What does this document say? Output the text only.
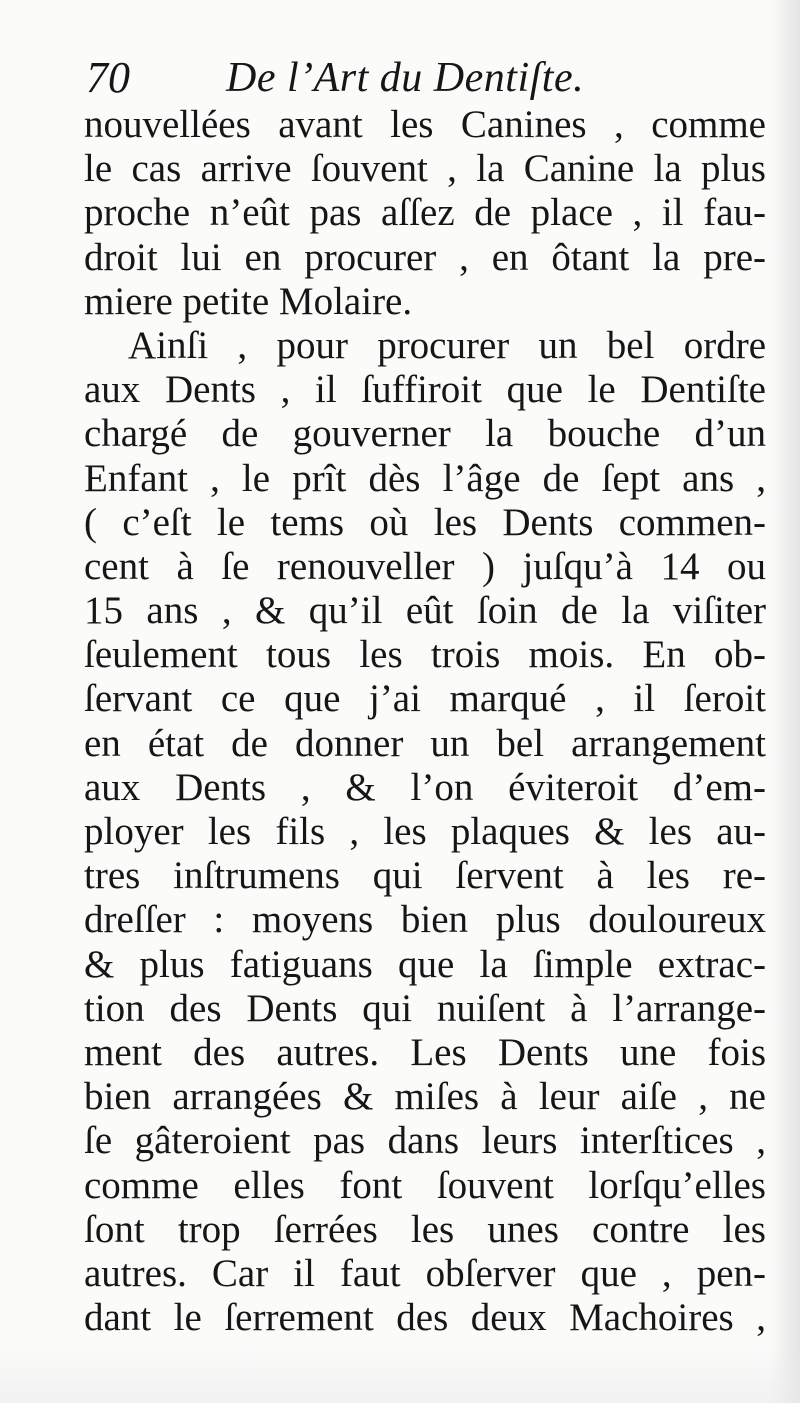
70 De l’Art du Dentiſte.
nouvellées avant les Canines , comme
le cas arrive ſouvent , la Canine la plus
proche n’eût pas aſſez de place , il fau-
droit lui en procurer , en ôtant la pre-
miere petite Molaire.
Ainſi , pour procurer un bel ordre
aux Dents , il ſuffiroit que le Dentiſte
chargé de gouverner la bouche d’un
Enfant , le prît dès l’âge de ſept ans ,
( c’eſt le tems où les Dents commen-
cent à ſe renouveller ) juſqu’à 14 ou
15 ans , & qu’il eût ſoin de la viſiter
ſeulement tous les trois mois. En ob-
ſervant ce que j’ai marqué , il ſeroit
en état de donner un bel arrangement
aux Dents , & l’on éviteroit d’em-
ployer les fils , les plaques & les au-
tres inſtrumens qui ſervent à les re-
dreſſer : moyens bien plus douloureux
& plus fatiguans que la ſimple extrac-
tion des Dents qui nuiſent à l’arrange-
ment des autres. Les Dents une fois
bien arrangées & miſes à leur aiſe , ne
ſe gâteroient pas dans leurs interſtices ,
comme elles font ſouvent lorſqu’elles
ſont trop ſerrées les unes contre les
autres. Car il faut obſerver que , pen-
dant le ſerrement des deux Machoires ,
